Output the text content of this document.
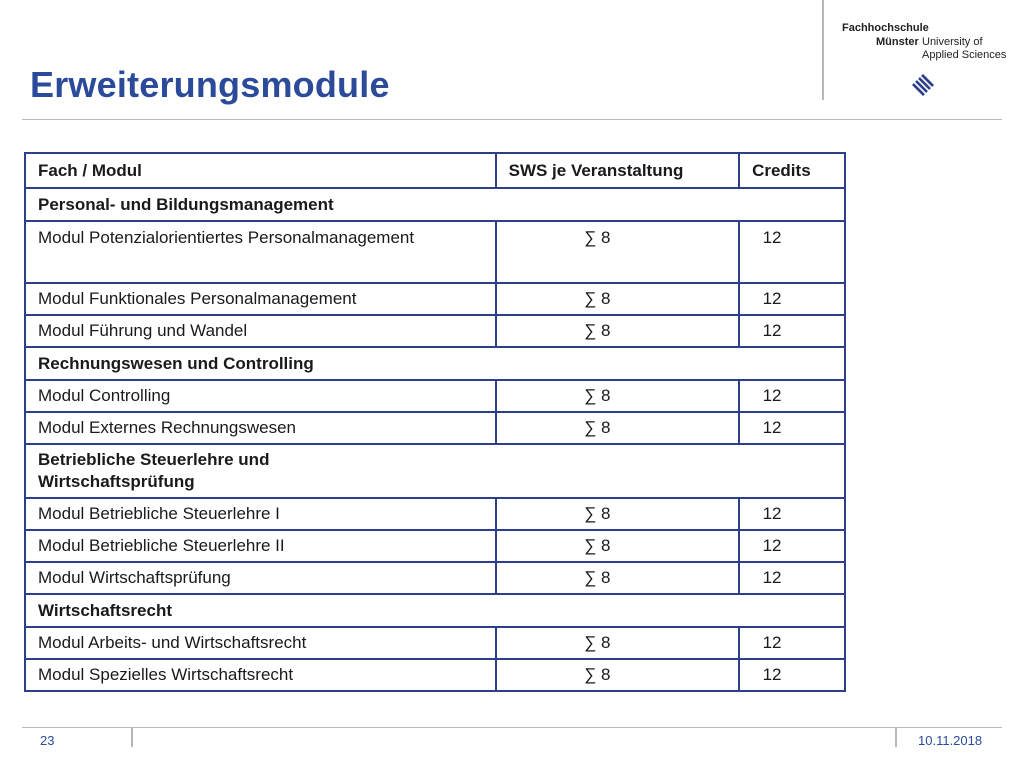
Erweiterungsmodule
Fachhochschule
Münster University of
Applied Sciences
Fach / Modul	SWS je Veranstaltung	Credits
Personal- und Bildungsmanagement		
Modul Potenzialorientiertes Personalmanagement	∑ 8	12
Modul Funktionales Personalmanagement	∑ 8	12
Modul Führung und Wandel	∑ 8	12
Rechnungswesen und Controlling		
Modul Controlling	∑ 8	12
Modul Externes Rechnungswesen	∑ 8	12
Betriebliche Steuerlehre und Wirtschaftsprüfung		
Modul Betriebliche Steuerlehre I	∑ 8	12
Modul Betriebliche Steuerlehre II	∑ 8	12
Modul Wirtschaftsprüfung	∑ 8	12
Wirtschaftsrecht		
Modul Arbeits- und Wirtschaftsrecht	∑ 8	12
Modul Spezielles Wirtschaftsrecht	∑ 8	12
23	10.11.2018
